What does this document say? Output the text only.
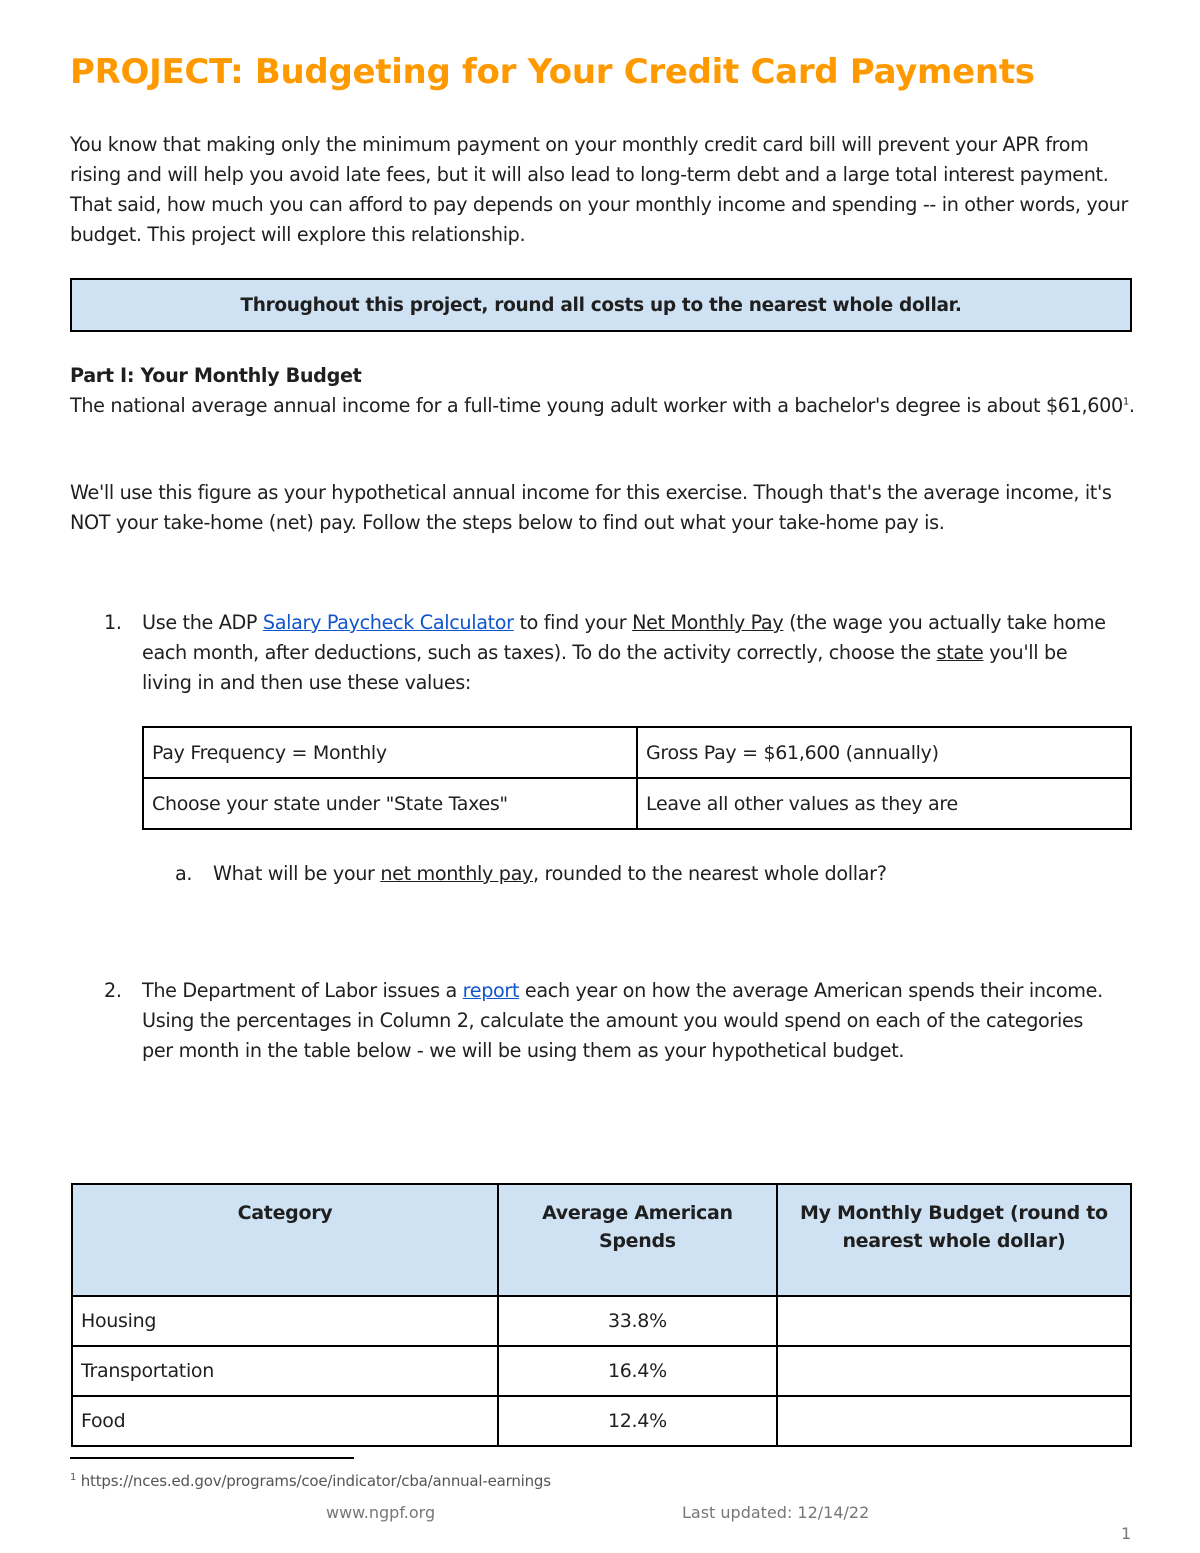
PROJECT: Budgeting for Your Credit Card Payments
You know that making only the minimum payment on your monthly credit card bill will prevent your APR from rising and will help you avoid late fees, but it will also lead to long-term debt and a large total interest payment. That said, how much you can afford to pay depends on your monthly income and spending -- in other words, your budget. This project will explore this relationship.
Throughout this project, round all costs up to the nearest whole dollar.
Part I: Your Monthly Budget
The national average annual income for a full-time young adult worker with a bachelor's degree is about $61,600$^1$.
We'll use this figure as your hypothetical annual income for this exercise. Though that's the average income, it's NOT your take-home (net) pay. Follow the steps below to find out what your take-home pay is.
1. Use the ADP Salary Paycheck Calculator to find your Net Monthly Pay (the wage you actually take home each month, after deductions, such as taxes). To do the activity correctly, choose the state you'll be living in and then use these values:
Pay Frequency = Monthly	Gross Pay = $61,600 (annually)
Choose your state under "State Taxes"	Leave all other values as they are
a. What will be your net monthly pay, rounded to the nearest whole dollar?
2. The Department of Labor issues a report each year on how the average American spends their income. Using the percentages in Column 2, calculate the amount you would spend on each of the categories per month in the table below - we will be using them as your hypothetical budget.
Category	Average American Spends	My Monthly Budget (round to nearest whole dollar)
Housing	33.8%	
Transportation	16.4%	
Food	12.4%	
$^1$ https://nces.ed.gov/programs/coe/indicator/cba/annual-earnings
www.ngpf.org	Last updated: 12/14/22
1
